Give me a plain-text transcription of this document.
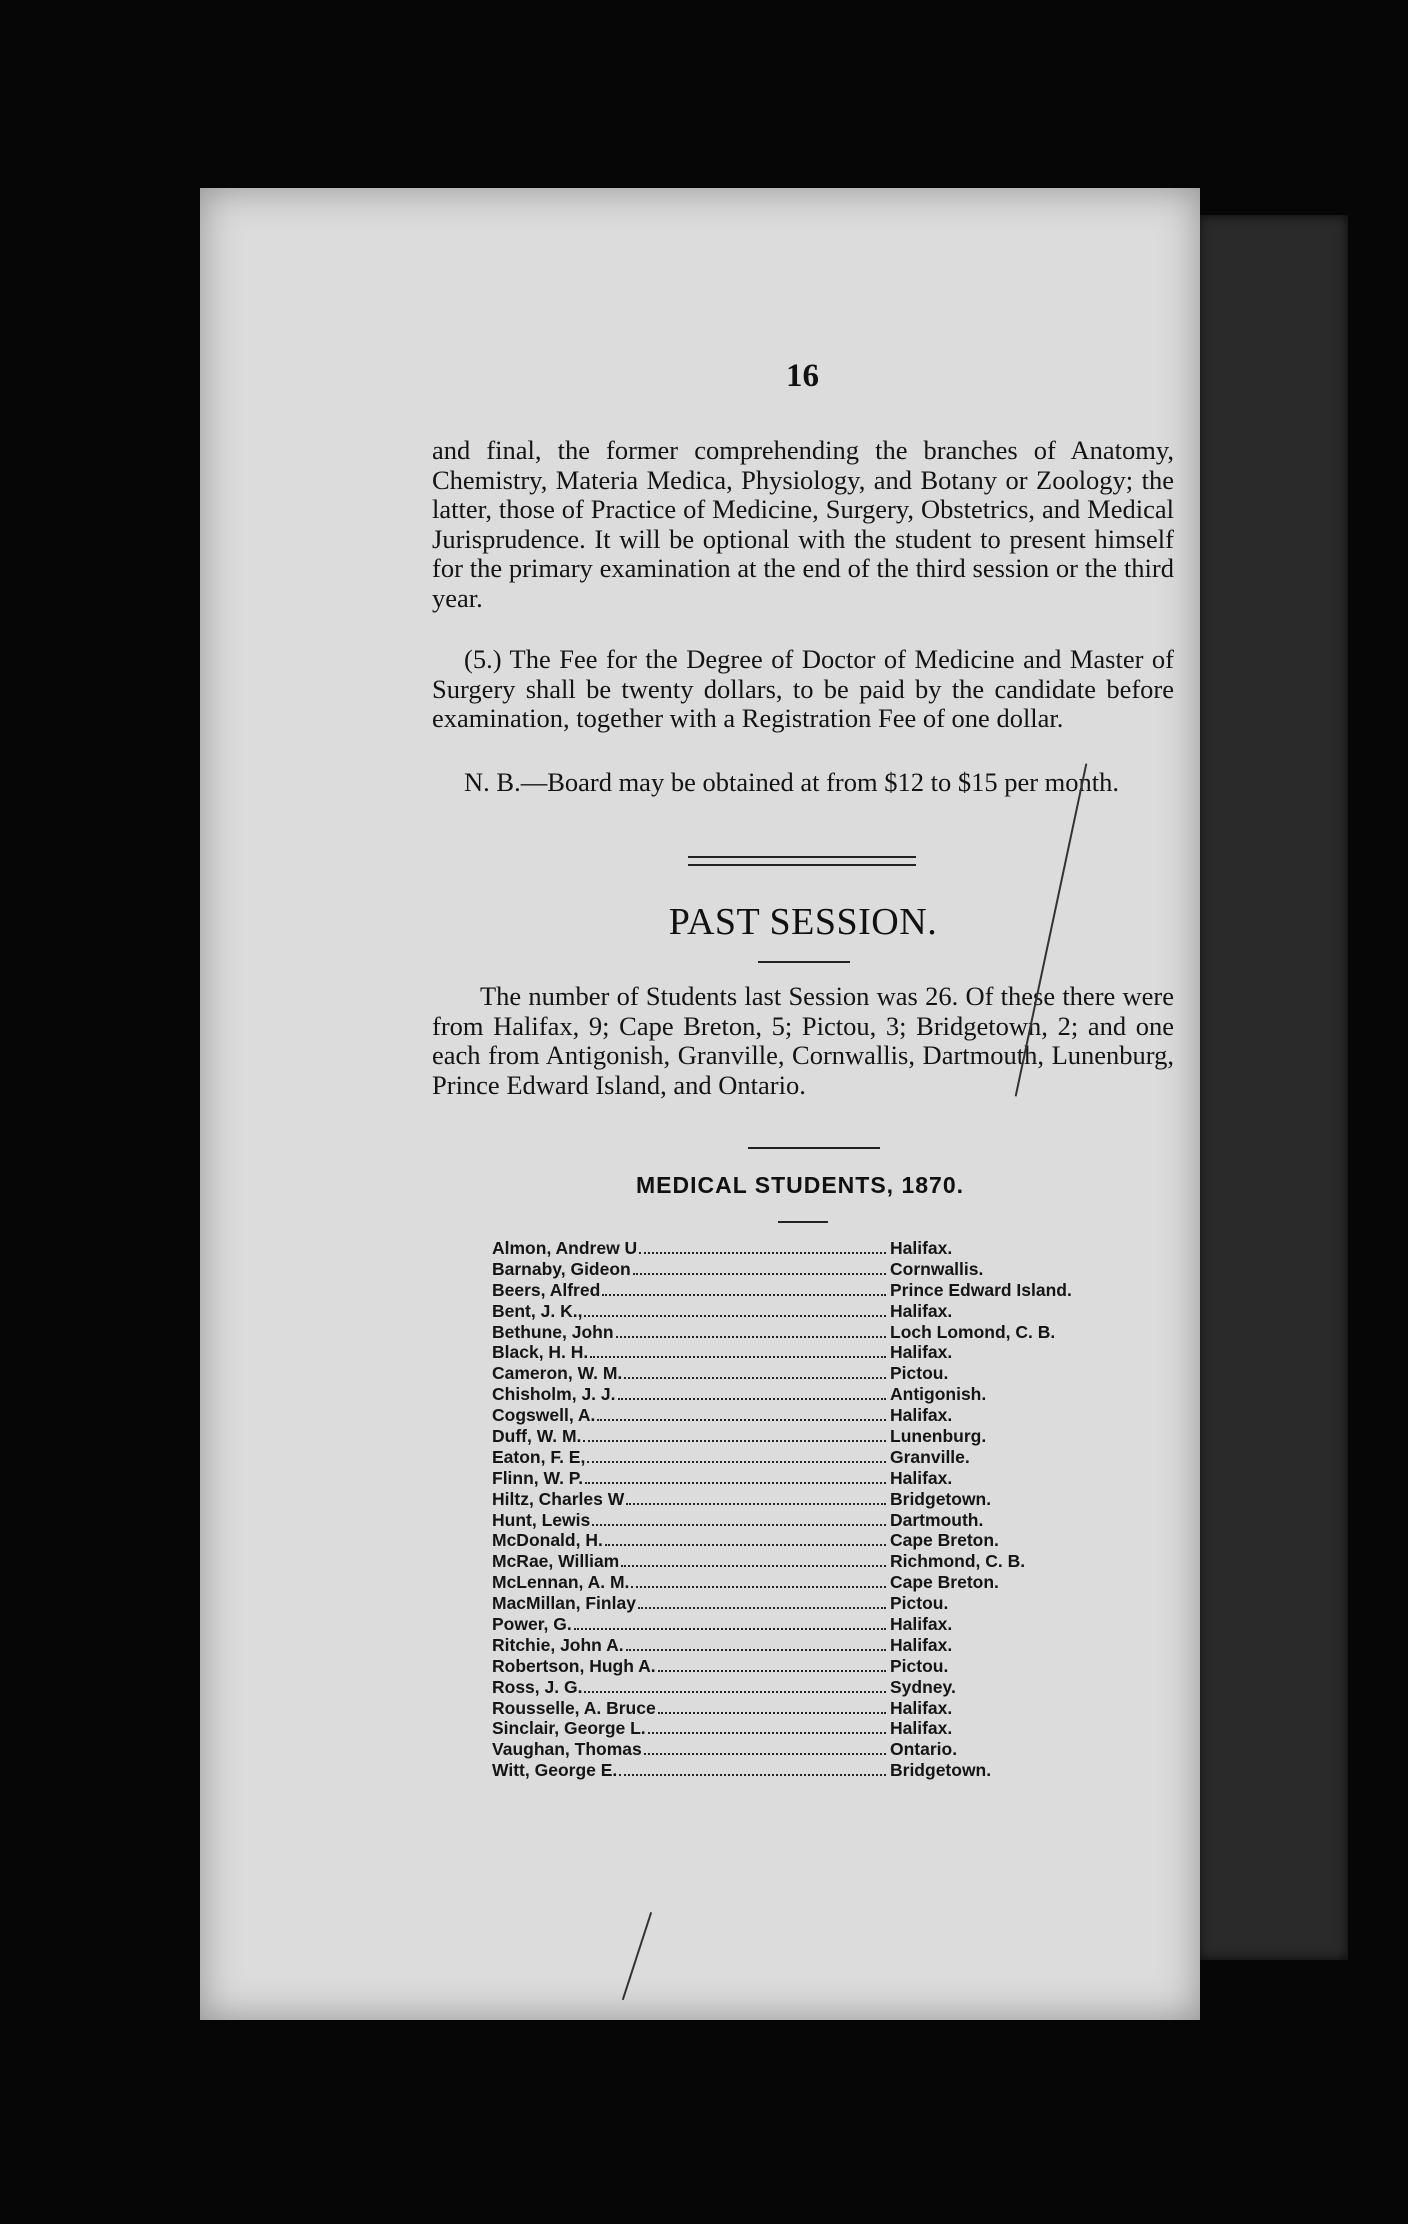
16
and final, the former comprehending the branches of Anatomy, Chemistry, Materia Medica, Physiology, and Botany or Zoology; the latter, those of Practice of Medicine, Surgery, Obstetrics, and Medical Jurisprudence. It will be optional with the student to present himself for the primary examination at the end of the third session or the third year.
(5.) The Fee for the Degree of Doctor of Medicine and Master of Surgery shall be twenty dollars, to be paid by the candidate before examination, together with a Registration Fee of one dollar.
N. B.—Board may be obtained at from $12 to $15 per month.
PAST SESSION.
The number of Students last Session was 26. Of these there were from Halifax, 9; Cape Breton, 5; Pictou, 3; Bridgetown, 2; and one each from Antigonish, Granville, Cornwallis, Dartmouth, Lunenburg, Prince Edward Island, and Ontario.
MEDICAL STUDENTS, 1870.
Almon, Andrew U	Halifax.
Barnaby, Gideon	Cornwallis.
Beers, Alfred	Prince Edward Island.
Bent, J. K.,	Halifax.
Bethune, John	Loch Lomond, C. B.
Black, H. H.	Halifax.
Cameron, W. M.	Pictou.
Chisholm, J. J.	Antigonish.
Cogswell, A.	Halifax.
Duff, W. M.	Lunenburg.
Eaton, F. E,	Granville.
Flinn, W. P.	Halifax.
Hiltz, Charles W	Bridgetown.
Hunt, Lewis	Dartmouth.
McDonald, H.	Cape Breton.
McRae, William	Richmond, C. B.
McLennan, A. M.	Cape Breton.
MacMillan, Finlay	Pictou.
Power, G.	Halifax.
Ritchie, John A.	Halifax.
Robertson, Hugh A.	Pictou.
Ross, J. G.	Sydney.
Rousselle, A. Bruce	Halifax.
Sinclair, George L.	Halifax.
Vaughan, Thomas	Ontario.
Witt, George E.	Bridgetown.
